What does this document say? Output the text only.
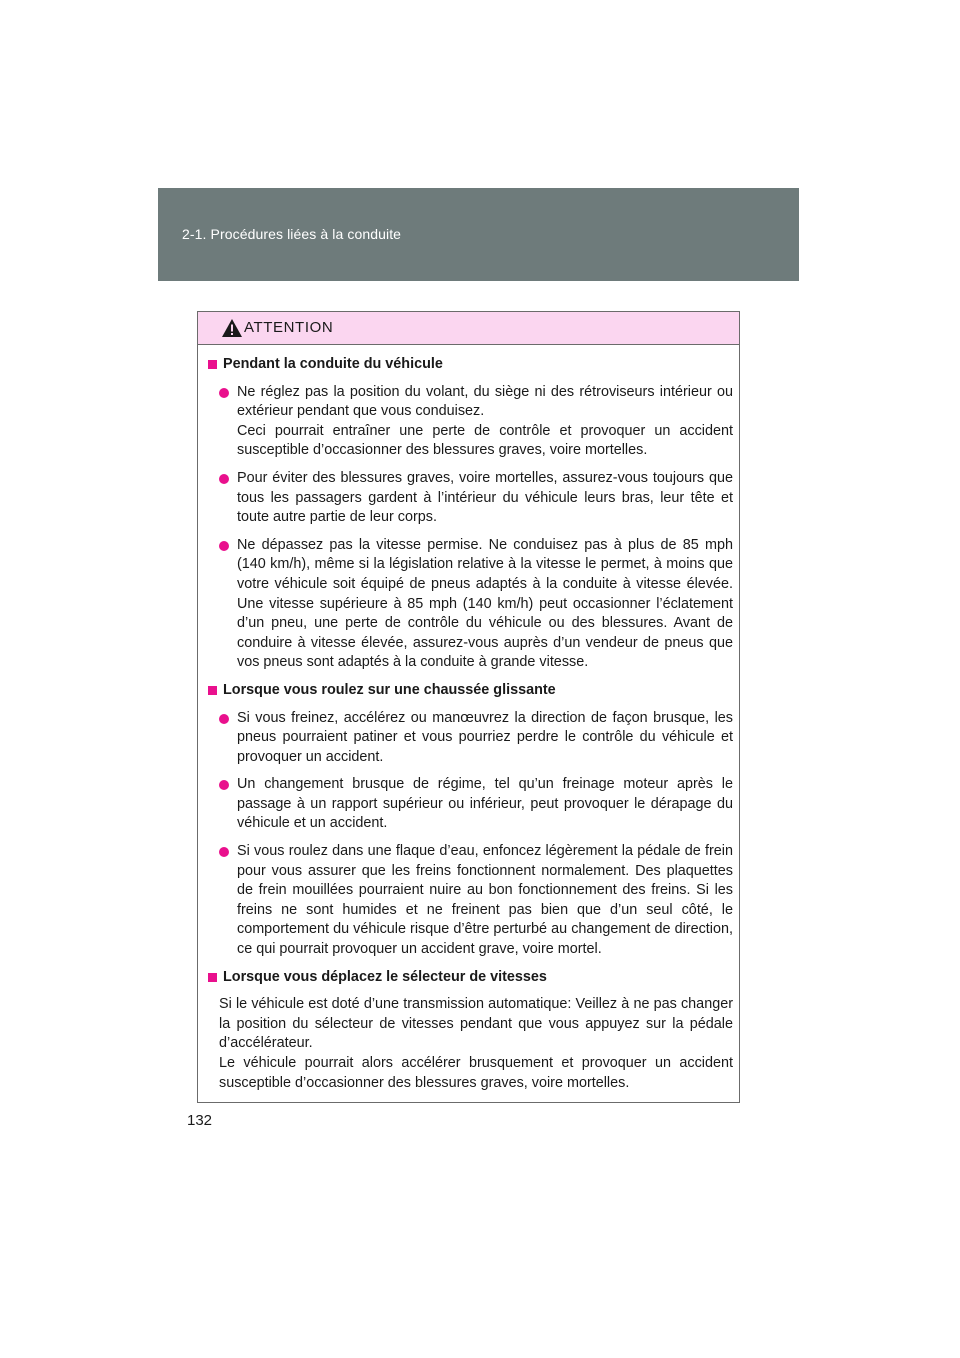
2-1. Procédures liées à la conduite
ATTENTION
Pendant la conduite du véhicule

Ne réglez pas la position du volant, du siège ni des rétroviseurs intérieur ou extérieur pendant que vous conduisez.

Ceci pourrait entraîner une perte de contrôle et provoquer un accident susceptible d’occasionner des blessures graves, voire mortelles.

Pour éviter des blessures graves, voire mortelles, assurez-vous toujours que tous les passagers gardent à l’intérieur du véhicule leurs bras, leur tête et toute autre partie de leur corps.

Ne dépassez pas la vitesse permise. Ne conduisez pas à plus de 85 mph (140 km/h), même si la législation relative à la vitesse le permet, à moins que votre véhicule soit équipé de pneus adaptés à la conduite à vitesse élevée. Une vitesse supérieure à 85 mph (140 km/h) peut occasionner l’éclatement d’un pneu, une perte de contrôle du véhicule ou des blessures. Avant de conduire à vitesse élevée, assurez-vous auprès d’un vendeur de pneus que vos pneus sont adaptés à la conduite à grande vitesse.

Lorsque vous roulez sur une chaussée glissante

Si vous freinez, accélérez ou manœuvrez la direction de façon brusque, les pneus pourraient patiner et vous pourriez perdre le contrôle du véhicule et provoquer un accident.

Un changement brusque de régime, tel qu’un freinage moteur après le passage à un rapport supérieur ou inférieur, peut provoquer le dérapage du véhicule et un accident.

Si vous roulez dans une flaque d’eau, enfoncez légèrement la pédale de frein pour vous assurer que les freins fonctionnent normalement. Des plaquettes de frein mouillées pourraient nuire au bon fonctionnement des freins. Si les freins ne sont humides et ne freinent pas bien que d’un seul côté, le comportement du véhicule risque d’être perturbé au changement de direction, ce qui pourrait provoquer un accident grave, voire mortel.

Lorsque vous déplacez le sélecteur de vitesses

Si le véhicule est doté d’une transmission automatique: Veillez à ne pas changer la position du sélecteur de vitesses pendant que vous appuyez sur la pédale d’accélérateur.

Le véhicule pourrait alors accélérer brusquement et provoquer un accident susceptible d’occasionner des blessures graves, voire mortelles.

132
